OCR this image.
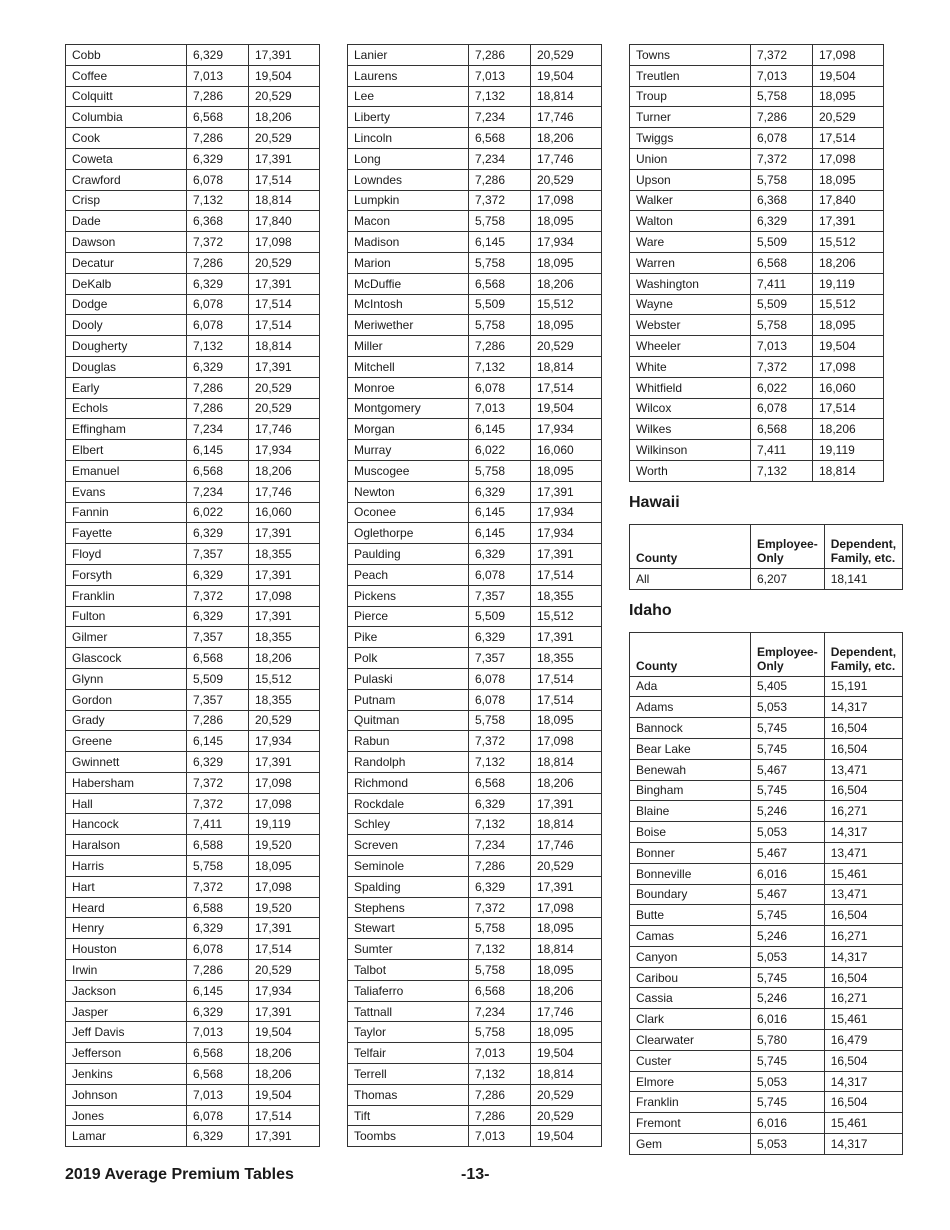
Cobb	6,329	17,391
Coffee	7,013	19,504
Colquitt	7,286	20,529
Columbia	6,568	18,206
Cook	7,286	20,529
Coweta	6,329	17,391
Crawford	6,078	17,514
Crisp	7,132	18,814
Dade	6,368	17,840
Dawson	7,372	17,098
Decatur	7,286	20,529
DeKalb	6,329	17,391
Dodge	6,078	17,514
Dooly	6,078	17,514
Dougherty	7,132	18,814
Douglas	6,329	17,391
Early	7,286	20,529
Echols	7,286	20,529
Effingham	7,234	17,746
Elbert	6,145	17,934
Emanuel	6,568	18,206
Evans	7,234	17,746
Fannin	6,022	16,060
Fayette	6,329	17,391
Floyd	7,357	18,355
Forsyth	6,329	17,391
Franklin	7,372	17,098
Fulton	6,329	17,391
Gilmer	7,357	18,355
Glascock	6,568	18,206
Glynn	5,509	15,512
Gordon	7,357	18,355
Grady	7,286	20,529
Greene	6,145	17,934
Gwinnett	6,329	17,391
Habersham	7,372	17,098
Hall	7,372	17,098
Hancock	7,411	19,119
Haralson	6,588	19,520
Harris	5,758	18,095
Hart	7,372	17,098
Heard	6,588	19,520
Henry	6,329	17,391
Houston	6,078	17,514
Irwin	7,286	20,529
Jackson	6,145	17,934
Jasper	6,329	17,391
Jeff Davis	7,013	19,504
Jefferson	6,568	18,206
Jenkins	6,568	18,206
Johnson	7,013	19,504
Jones	6,078	17,514
Lamar	6,329	17,391
Lanier	7,286	20,529
Laurens	7,013	19,504
Lee	7,132	18,814
Liberty	7,234	17,746
Lincoln	6,568	18,206
Long	7,234	17,746
Lowndes	7,286	20,529
Lumpkin	7,372	17,098
Macon	5,758	18,095
Madison	6,145	17,934
Marion	5,758	18,095
McDuffie	6,568	18,206
McIntosh	5,509	15,512
Meriwether	5,758	18,095
Miller	7,286	20,529
Mitchell	7,132	18,814
Monroe	6,078	17,514
Montgomery	7,013	19,504
Morgan	6,145	17,934
Murray	6,022	16,060
Muscogee	5,758	18,095
Newton	6,329	17,391
Oconee	6,145	17,934
Oglethorpe	6,145	17,934
Paulding	6,329	17,391
Peach	6,078	17,514
Pickens	7,357	18,355
Pierce	5,509	15,512
Pike	6,329	17,391
Polk	7,357	18,355
Pulaski	6,078	17,514
Putnam	6,078	17,514
Quitman	5,758	18,095
Rabun	7,372	17,098
Randolph	7,132	18,814
Richmond	6,568	18,206
Rockdale	6,329	17,391
Schley	7,132	18,814
Screven	7,234	17,746
Seminole	7,286	20,529
Spalding	6,329	17,391
Stephens	7,372	17,098
Stewart	5,758	18,095
Sumter	7,132	18,814
Talbot	5,758	18,095
Taliaferro	6,568	18,206
Tattnall	7,234	17,746
Taylor	5,758	18,095
Telfair	7,013	19,504
Terrell	7,132	18,814
Thomas	7,286	20,529
Tift	7,286	20,529
Toombs	7,013	19,504
Towns	7,372	17,098
Treutlen	7,013	19,504
Troup	5,758	18,095
Turner	7,286	20,529
Twiggs	6,078	17,514
Union	7,372	17,098
Upson	5,758	18,095
Walker	6,368	17,840
Walton	6,329	17,391
Ware	5,509	15,512
Warren	6,568	18,206
Washington	7,411	19,119
Wayne	5,509	15,512
Webster	5,758	18,095
Wheeler	7,013	19,504
White	7,372	17,098
Whitfield	6,022	16,060
Wilcox	6,078	17,514
Wilkes	6,568	18,206
Wilkinson	7,411	19,119
Worth	7,132	18,814
Hawaii
County	Employee-Only	Dependent, Family, etc.
All	6,207	18,141
Idaho
County	Employee-Only	Dependent, Family, etc.
Ada	5,405	15,191
Adams	5,053	14,317
Bannock	5,745	16,504
Bear Lake	5,745	16,504
Benewah	5,467	13,471
Bingham	5,745	16,504
Blaine	5,246	16,271
Boise	5,053	14,317
Bonner	5,467	13,471
Bonneville	6,016	15,461
Boundary	5,467	13,471
Butte	5,745	16,504
Camas	5,246	16,271
Canyon	5,053	14,317
Caribou	5,745	16,504
Cassia	5,246	16,271
Clark	6,016	15,461
Clearwater	5,780	16,479
Custer	5,745	16,504
Elmore	5,053	14,317
Franklin	5,745	16,504
Fremont	6,016	15,461
Gem	5,053	14,317
2019 Average Premium Tables	-13-
